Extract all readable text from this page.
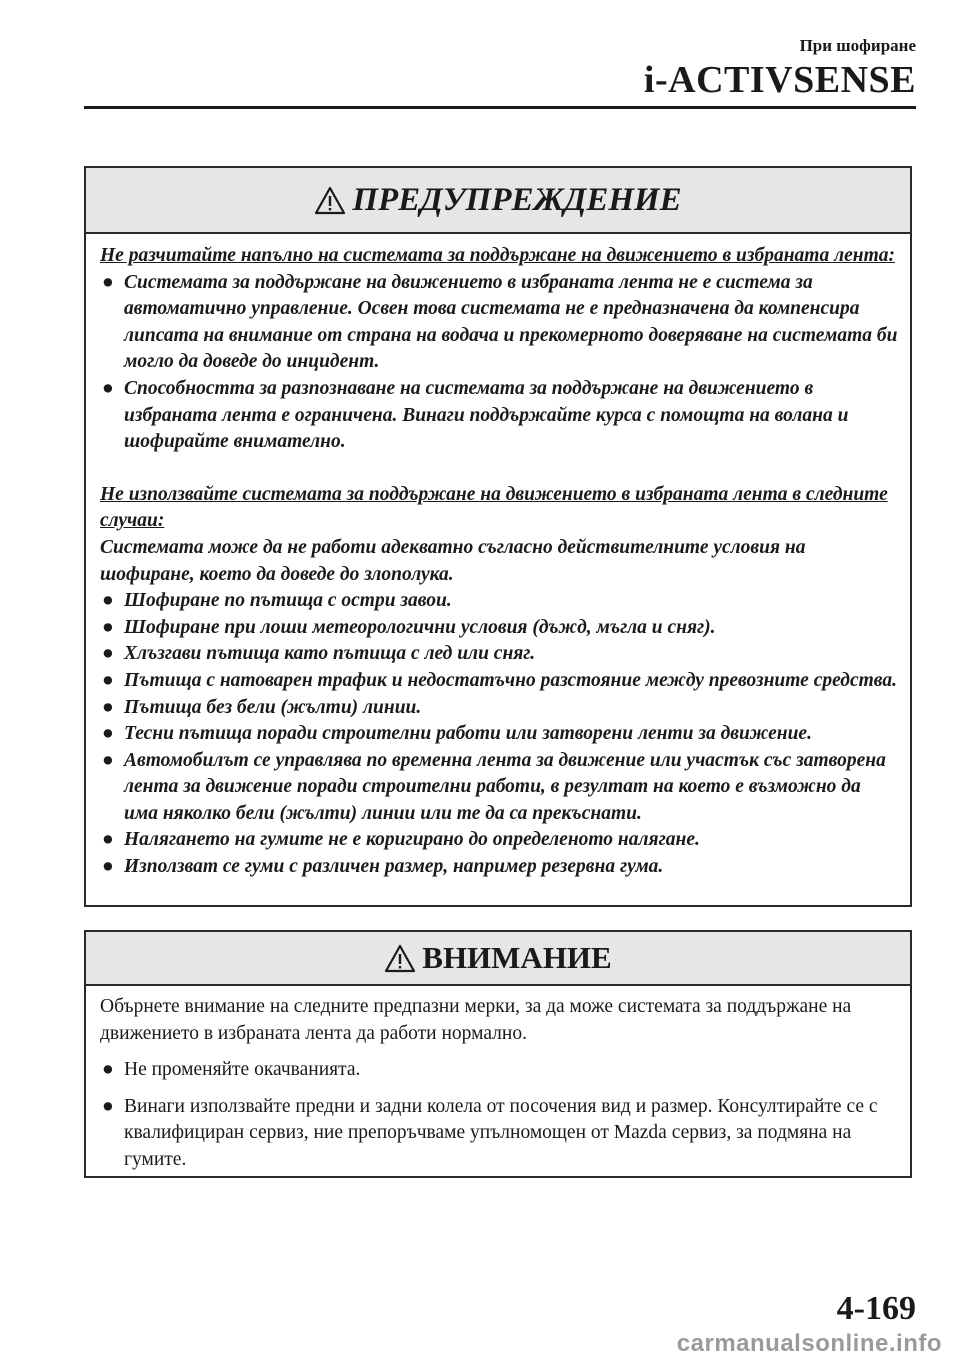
При шофиране
i-ACTIVSENSE
ПРЕДУПРЕЖДЕНИЕ

Не разчитайте напълно на системата за поддържане на движението в избраната лента:

● Системата за поддържане на движението в избраната лента не е система за автоматично управление. Освен това системата не е предназначена да компенсира липсата на внимание от страна на водача и прекомерното доверяване на системата би могло да доведе до инцидент.
● Способността за разпознаване на системата за поддържане на движението в избраната лента е ограничена. Винаги поддържайте курса с помощта на волана и шофирайте внимателно.

Не използвайте системата за поддържане на движението в избраната лента в следните случаи:

Системата може да не работи адекватно съгласно действителните условия на шофиране, което да доведе до злополука.

● Шофиране по пътища с остри завои.
● Шофиране при лоши метеорологични условия (дъжд, мъгла и сняг).
● Хлъзгави пътища като пътища с лед или сняг.
● Пътища с натоварен трафик и недостатъчно разстояние между превозните средства.
● Пътища без бели (жълти) линии.
● Тесни пътища поради строителни работи или затворени ленти за движение.
● Автомобилът се управлява по временна лента за движение или участък със затворена лента за движение поради строителни работи, в резултат на което е възможно да има няколко бели (жълти) линии или те да са прекъснати.
● Налягането на гумите не е коригирано до определеното налягане.
● Използват се гуми с различен размер, например резервна гума.
ВНИМАНИЕ

Обърнете внимание на следните предпазни мерки, за да може системата за поддържане на движението в избраната лента да работи нормално.

● Не променяйте окачванията.
● Винаги използвайте предни и задни колела от посочения вид и размер. Консултирайте се с квалифициран сервиз, ние препоръчваме упълномощен от Mazda сервиз, за подмяна на гумите.
4-169
carmanualsonline.info
